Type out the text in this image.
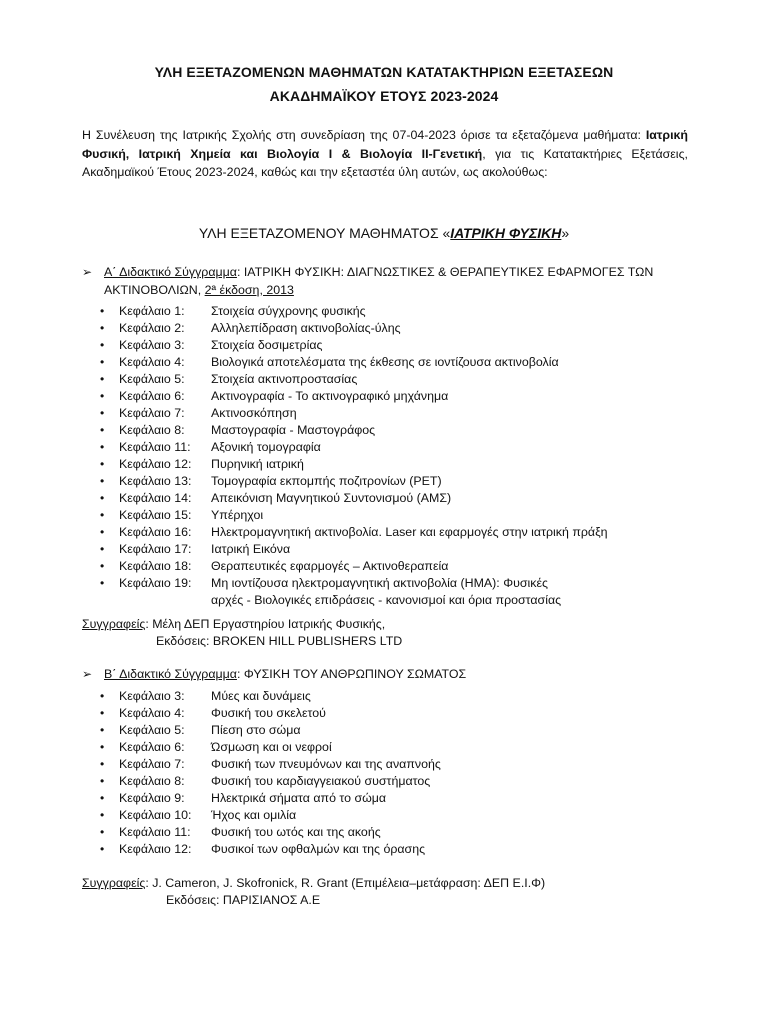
ΥΛΗ ΕΞΕΤΑΖΟΜΕΝΩΝ ΜΑΘΗΜΑΤΩΝ ΚΑΤΑΤΑΚΤΗΡΙΩΝ ΕΞΕΤΑΣΕΩΝ
ΑΚΑΔΗΜΑΪΚΟΥ ΕΤΟΥΣ 2023-2024
Η Συνέλευση της Ιατρικής Σχολής στη συνεδρίαση της 07-04-2023 όρισε τα εξεταζόμενα μαθήματα: Ιατρική Φυσική, Ιατρική Χημεία και Βιολογία Ι & Βιολογία ΙΙ-Γενετική, για τις Κατατακτήριες Εξετάσεις, Ακαδημαϊκού Έτους 2023-2024, καθώς και την εξεταστέα ύλη αυτών, ως ακολούθως:
ΥΛΗ ΕΞΕΤΑΖΟΜΕΝΟΥ ΜΑΘΗΜΑΤΟΣ «ΙΑΤΡΙΚΗ ΦΥΣΙΚΗ»
➢ Α΄ Διδακτικό Σύγγραμμα: ΙΑΤΡΙΚΗ ΦΥΣΙΚΗ: ΔΙΑΓΝΩΣΤΙΚΕΣ & ΘΕΡΑΠΕΥΤΙΚΕΣ ΕΦΑΡΜΟΓΕΣ ΤΩΝ ΑΚΤΙΝΟΒΟΛΙΩΝ, 2ª έκδοση, 2013
• Κεφάλαιο 1: Στοιχεία σύγχρονης φυσικής
• Κεφάλαιο 2: Αλληλεπίδραση ακτινοβολίας-ύλης
• Κεφάλαιο 3: Στοιχεία δοσιμετρίας
• Κεφάλαιο 4: Βιολογικά αποτελέσματα της έκθεσης σε ιοντίζουσα ακτινοβολία
• Κεφάλαιο 5: Στοιχεία ακτινοπροστασίας
• Κεφάλαιο 6: Ακτινογραφία - Το ακτινογραφικό μηχάνημα
• Κεφάλαιο 7: Ακτινοσκόπηση
• Κεφάλαιο 8: Μαστογραφία - Μαστογράφος
• Κεφάλαιο 11: Αξονική τομογραφία
• Κεφάλαιο 12: Πυρηνική ιατρική
• Κεφάλαιο 13: Τομογραφία εκπομπής ποζιτρονίων (PET)
• Κεφάλαιο 14: Απεικόνιση Μαγνητικού Συντονισμού (ΑΜΣ)
• Κεφάλαιο 15: Υπέρηχοι
• Κεφάλαιο 16: Ηλεκτρομαγνητική ακτινοβολία. Laser και εφαρμογές στην ιατρική πράξη
• Κεφάλαιο 17: Ιατρική Εικόνα
• Κεφάλαιο 18: Θεραπευτικές εφαρμογές – Ακτινοθεραπεία
• Κεφάλαιο 19: Μη ιοντίζουσα ηλεκτρομαγνητική ακτινοβολία (ΗΜΑ): Φυσικές
αρχές - Βιολογικές επιδράσεις - κανονισμοί και όρια προστασίας
Συγγραφείς: Μέλη ΔΕΠ Εργαστηρίου Ιατρικής Φυσικής,
Εκδόσεις: BROKEN HILL PUBLISHERS LTD
➢ Β΄ Διδακτικό Σύγγραμμα: ΦΥΣΙΚΗ ΤΟΥ ΑΝΘΡΩΠΙΝΟΥ ΣΩΜΑΤΟΣ
• Κεφάλαιο 3: Μύες και δυνάμεις
• Κεφάλαιο 4: Φυσική του σκελετού
• Κεφάλαιο 5: Πίεση στο σώμα
• Κεφάλαιο 6: Ώσμωση και οι νεφροί
• Κεφάλαιο 7: Φυσική των πνευμόνων και της αναπνοής
• Κεφάλαιο 8: Φυσική του καρδιαγγειακού συστήματος
• Κεφάλαιο 9: Ηλεκτρικά σήματα από το σώμα
• Κεφάλαιο 10: Ήχος και ομιλία
• Κεφάλαιο 11: Φυσική του ωτός και της ακοής
• Κεφάλαιο 12: Φυσικοί των οφθαλμών και της όρασης
Συγγραφείς: J. Cameron, J. Skofronick, R. Grant (Επιμέλεια–μετάφραση: ΔΕΠ Ε.Ι.Φ)
Εκδόσεις: ΠΑΡΙΣΙΑΝΟΣ Α.Ε
